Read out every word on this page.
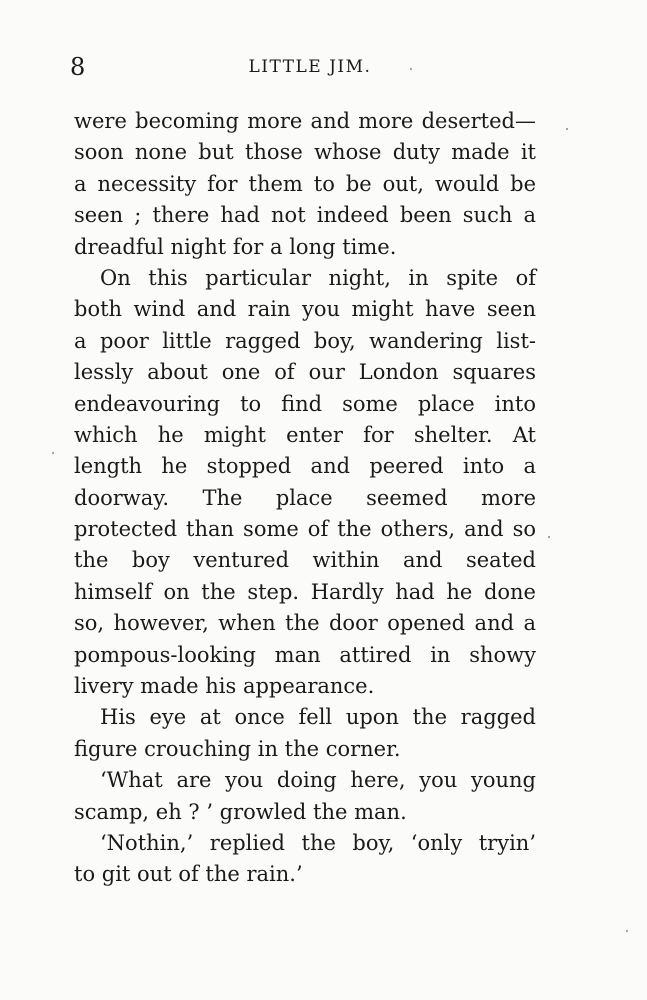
8	LITTLE JIM.
were becoming more and more deserted—
soon none but those whose duty made it
a necessity for them to be out, would be
seen ; there had not indeed been such a
dreadful night for a long time.
On this particular night, in spite of
both wind and rain you might have seen
a poor little ragged boy, wandering list-
lessly about one of our London squares
endeavouring to find some place into
which he might enter for shelter. At
length he stopped and peered into a
doorway. The place seemed more
protected than some of the others, and so
the boy ventured within and seated
himself on the step. Hardly had he done
so, however, when the door opened and a
pompous-looking man attired in showy
livery made his appearance.
His eye at once fell upon the ragged
figure crouching in the corner.
‘What are you doing here, you young
scamp, eh ? ’ growled the man.
‘Nothin,’ replied the boy, ‘only tryin’
to git out of the rain.’
